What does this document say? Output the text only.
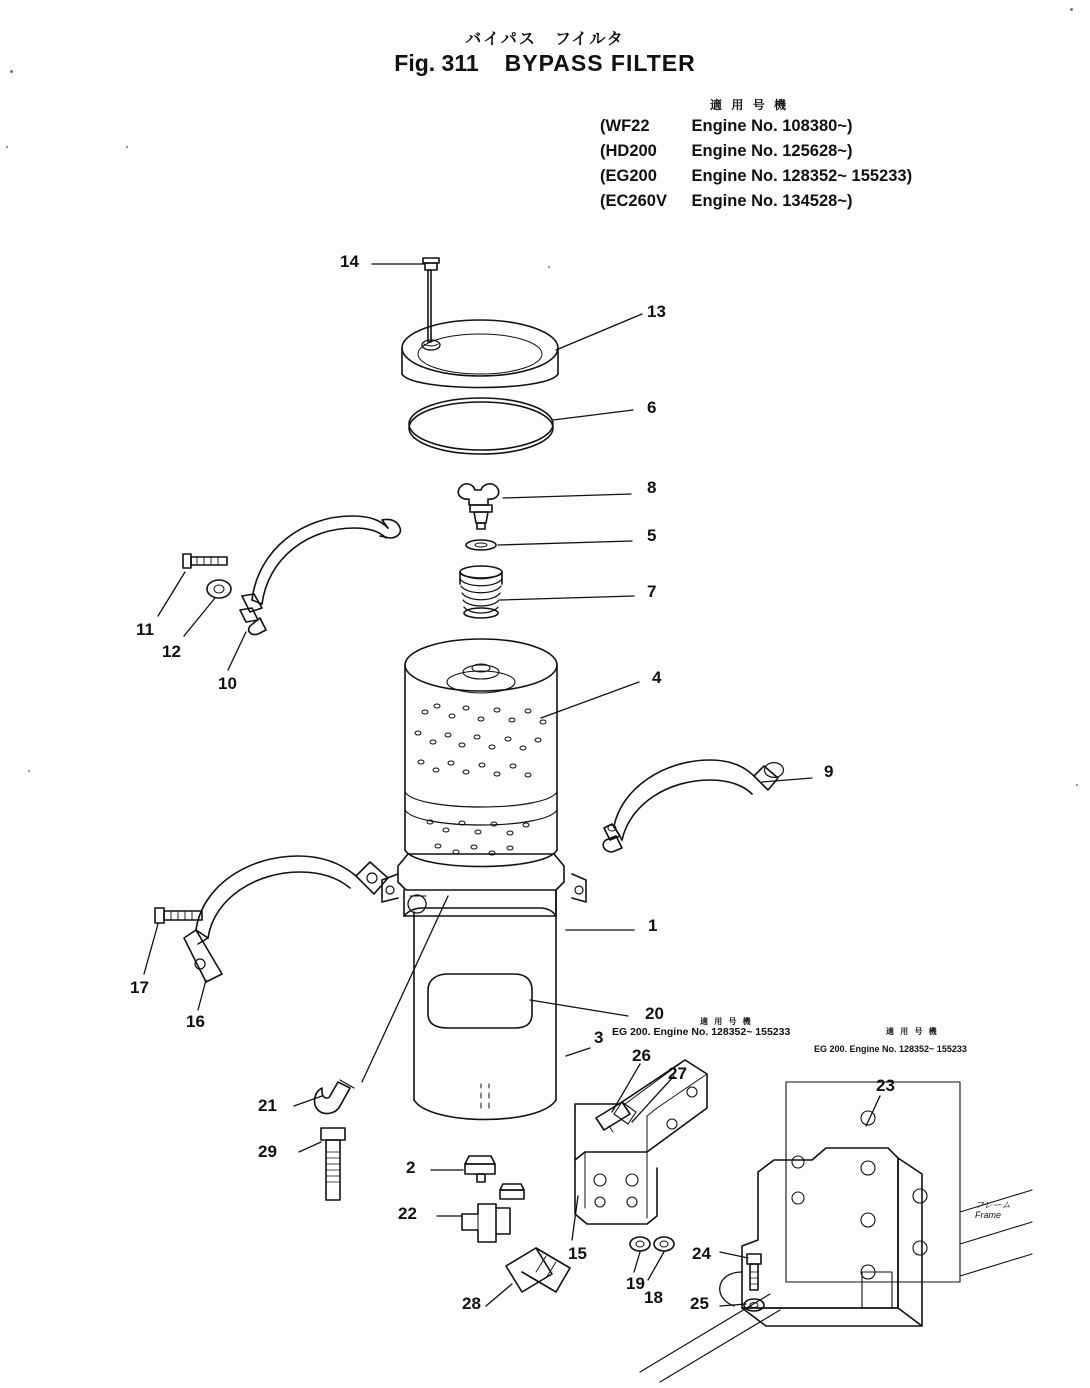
バイパス　フイルタ
Fig. 311 BYPASS FILTER
適 用 号 機
(WF22	Engine No. 108380~)
(HD200 Engine No. 125628~)
(EG200 Engine No. 128352~ 155233)
(EC260V Engine No. 134528~)
14
13
6
8
5
7
4
9
11
12
10
1
17
16	20
21
29
2
22
28
26
27
15
19
18
3
23
24
25
適 用 号 機
EG 200. Engine No. 128352~ 155233	適 用 号 機
EG 200. Engine No. 128352~ 155233
フレーム
Frame
